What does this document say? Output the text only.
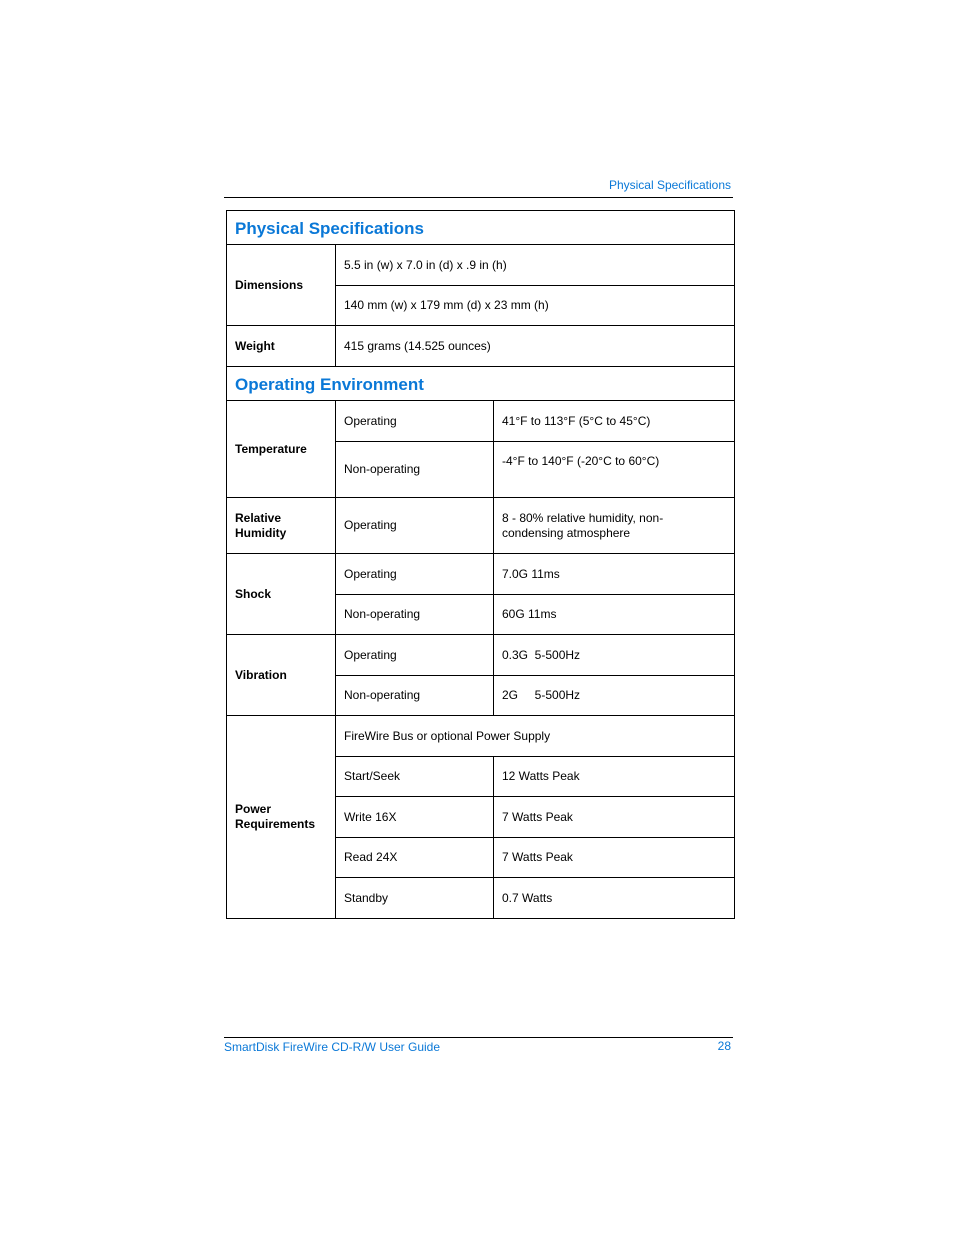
Physical Specifications
Physical Specifications		
Dimensions	5.5 in (w) x 7.0 in (d) x .9 in (h)	
	140 mm (w) x 179 mm (d) x 23 mm (h)	
Weight	415 grams (14.525 ounces)	
Operating Environment		
Temperature	Operating	41°F to 113°F (5°C to 45°C)
	Non-operating	-4°F to 140°F (-20°C to 60°C)
Relative
Humidity	Operating	8 - 80% relative humidity, non-
condensing atmosphere
Shock	Operating	7.0G 11ms
	Non-operating	60G 11ms
Vibration	Operating	0.3G  5-500Hz
	Non-operating	2G     5-500Hz
Power
Requirements	FireWire Bus or optional Power Supply	
	Start/Seek	12 Watts Peak
	Write 16X	7 Watts Peak
	Read 24X	7 Watts Peak
	Standby	0.7 Watts
SmartDisk FireWire CD-R/W User Guide	28
